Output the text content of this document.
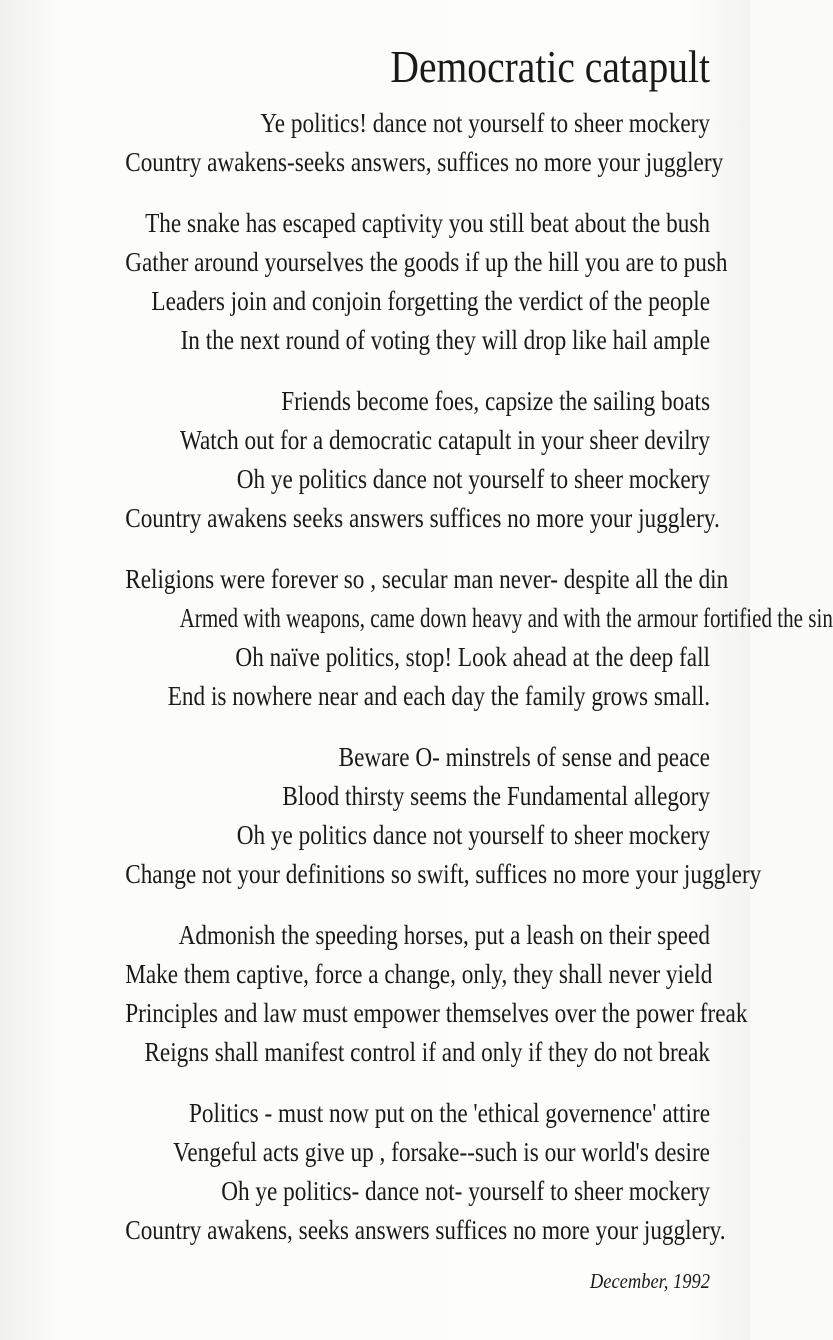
Democratic catapult
Ye politics! dance not yourself to sheer mockery
Country awakens-seeks answers, suffices no more your jugglery
The snake has escaped captivity you still beat about the bush
Gather around yourselves the goods if up the hill you are to push
Leaders join and conjoin forgetting the verdict of the people
In the next round of voting they will drop like hail ample
Friends become foes, capsize the sailing boats
Watch out for a democratic catapult in your sheer devilry
Oh ye politics dance not yourself to sheer mockery
Country awakens seeks answers suffices no more your jugglery.
Religions were forever so , secular man never- despite all the din
Armed with weapons, came down heavy and with the armour fortified the sin
Oh naïve politics, stop! Look ahead at the deep fall
End is nowhere near and each day the family grows small.
Beware O- minstrels of sense and peace
Blood thirsty seems the Fundamental allegory
Oh ye politics dance not yourself to sheer mockery
Change not your definitions so swift, suffices no more your jugglery
Admonish the speeding horses, put a leash on their speed
Make them captive, force a change, only, they shall never yield
Principles and law must empower themselves over the power freak
Reigns shall manifest control if and only if they do not break
Politics - must now put on the 'ethical governence' attire
Vengeful acts give up , forsake--such is our world's desire
Oh ye politics- dance not- yourself to sheer mockery
Country awakens, seeks answers suffices no more your jugglery.
December, 1992
